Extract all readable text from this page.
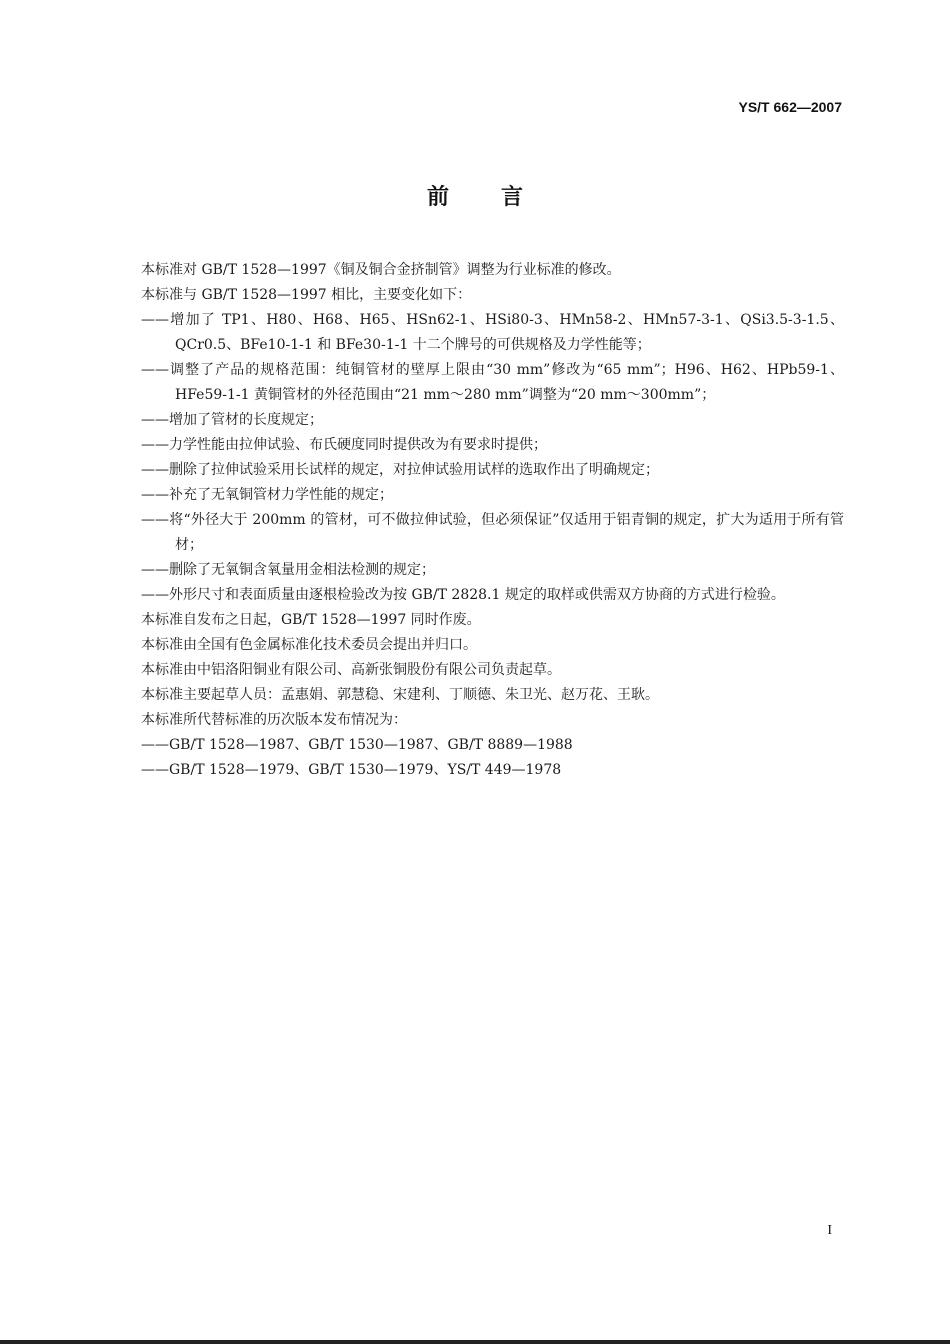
YS/T 662—2007
前言

本标准对 GB/T 1528—1997《铜及铜合金挤制管》调整为行业标准的修改。

本标准与 GB/T 1528—1997 相比，主要变化如下：

——增加了 TP1、H80、H68、H65、HSn62-1、HSi80-3、HMn58-2、HMn57-3-1、QSi3.5-3-1.5、QCr0.5、BFe10-1-1 和 BFe30-1-1 十二个牌号的可供规格及力学性能等；

——调整了产品的规格范围：纯铜管材的壁厚上限由“30 mm”修改为“65 mm”；H96、H62、HPb59-1、HFe59-1-1 黄铜管材的外径范围由“21 mm～280 mm”调整为“20 mm～300mm”；

——增加了管材的长度规定；

——力学性能由拉伸试验、布氏硬度同时提供改为有要求时提供；

——删除了拉伸试验采用长试样的规定，对拉伸试验用试样的选取作出了明确规定；

——补充了无氧铜管材力学性能的规定；

——将“外径大于 200mm 的管材，可不做拉伸试验，但必须保证”仅适用于铝青铜的规定，扩大为适用于所有管材；

——删除了无氧铜含氧量用金相法检测的规定；

——外形尺寸和表面质量由逐根检验改为按 GB/T 2828.1 规定的取样或供需双方协商的方式进行检验。

本标准自发布之日起，GB/T 1528—1997 同时作废。

本标准由全国有色金属标准化技术委员会提出并归口。

本标准由中铝洛阳铜业有限公司、高新张铜股份有限公司负责起草。

本标准主要起草人员：孟惠娟、郭慧稳、宋建利、丁顺德、朱卫光、赵万花、王耿。

本标准所代替标准的历次版本发布情况为：

——GB/T 1528—1987、GB/T 1530—1987、GB/T 8889—1988

——GB/T 1528—1979、GB/T 1530—1979、YS/T 449—1978

I
